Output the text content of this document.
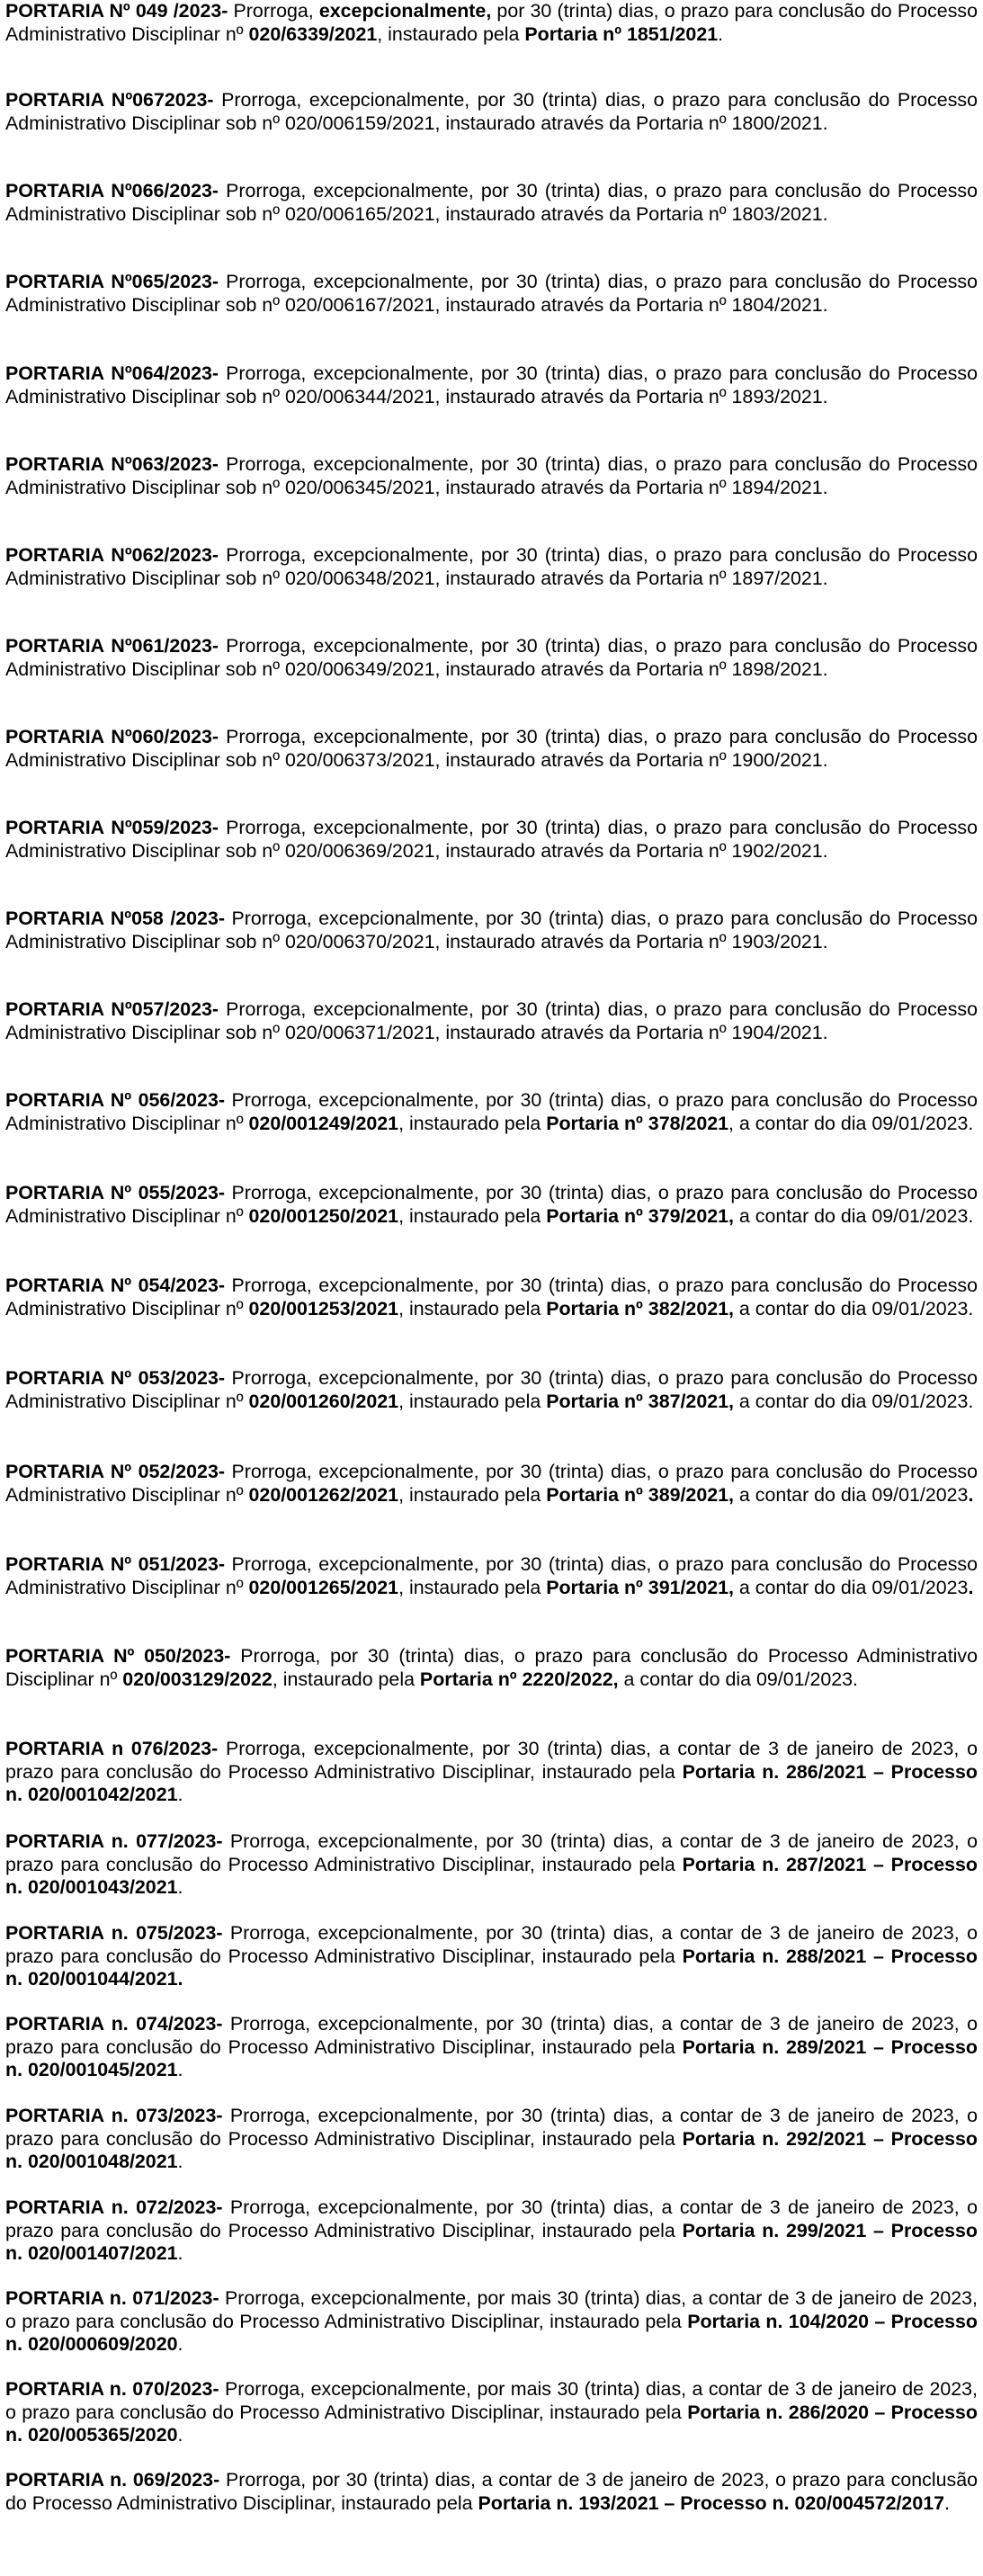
PORTARIA Nº 049 /2023- Prorroga, excepcionalmente, por 30 (trinta) dias, o prazo para conclusão do Processo Administrativo Disciplinar nº 020/6339/2021, instaurado pela Portaria nº 1851/2021.

PORTARIA Nº0672023- Prorroga, excepcionalmente, por 30 (trinta) dias, o prazo para conclusão do Processo Administrativo Disciplinar sob nº 020/006159/2021, instaurado através da Portaria nº 1800/2021.

PORTARIA Nº066/2023- Prorroga, excepcionalmente, por 30 (trinta) dias, o prazo para conclusão do Processo Administrativo Disciplinar sob nº 020/006165/2021, instaurado através da Portaria nº 1803/2021.

PORTARIA Nº065/2023- Prorroga, excepcionalmente, por 30 (trinta) dias, o prazo para conclusão do Processo Administrativo Disciplinar sob nº 020/006167/2021, instaurado através da Portaria nº 1804/2021.

PORTARIA Nº064/2023- Prorroga, excepcionalmente, por 30 (trinta) dias, o prazo para conclusão do Processo Administrativo Disciplinar sob nº 020/006344/2021, instaurado através da Portaria nº 1893/2021.

PORTARIA Nº063/2023- Prorroga, excepcionalmente, por 30 (trinta) dias, o prazo para conclusão do Processo Administrativo Disciplinar sob nº 020/006345/2021, instaurado através da Portaria nº 1894/2021.

PORTARIA Nº062/2023- Prorroga, excepcionalmente, por 30 (trinta) dias, o prazo para conclusão do Processo Administrativo Disciplinar sob nº 020/006348/2021, instaurado através da Portaria nº 1897/2021.

PORTARIA Nº061/2023- Prorroga, excepcionalmente, por 30 (trinta) dias, o prazo para conclusão do Processo Administrativo Disciplinar sob nº 020/006349/2021, instaurado através da Portaria nº 1898/2021.

PORTARIA Nº060/2023- Prorroga, excepcionalmente, por 30 (trinta) dias, o prazo para conclusão do Processo Administrativo Disciplinar sob nº 020/006373/2021, instaurado através da Portaria nº 1900/2021.

PORTARIA Nº059/2023- Prorroga, excepcionalmente, por 30 (trinta) dias, o prazo para conclusão do Processo Administrativo Disciplinar sob nº 020/006369/2021, instaurado através da Portaria nº 1902/2021.

PORTARIA Nº058 /2023- Prorroga, excepcionalmente, por 30 (trinta) dias, o prazo para conclusão do Processo Administrativo Disciplinar sob nº 020/006370/2021, instaurado através da Portaria nº 1903/2021.

PORTARIA Nº057/2023- Prorroga, excepcionalmente, por 30 (trinta) dias, o prazo para conclusão do Processo Administrativo Disciplinar sob nº 020/006371/2021, instaurado através da Portaria nº 1904/2021.

PORTARIA Nº 056/2023- Prorroga, excepcionalmente, por 30 (trinta) dias, o prazo para conclusão do Processo Administrativo Disciplinar nº 020/001249/2021, instaurado pela Portaria nº 378/2021, a contar do dia 09/01/2023.

PORTARIA Nº 055/2023- Prorroga, excepcionalmente, por 30 (trinta) dias, o prazo para conclusão do Processo Administrativo Disciplinar nº 020/001250/2021, instaurado pela Portaria nº 379/2021, a contar do dia 09/01/2023.

PORTARIA Nº 054/2023- Prorroga, excepcionalmente, por 30 (trinta) dias, o prazo para conclusão do Processo Administrativo Disciplinar nº 020/001253/2021, instaurado pela Portaria nº 382/2021, a contar do dia 09/01/2023.

PORTARIA Nº 053/2023- Prorroga, excepcionalmente, por 30 (trinta) dias, o prazo para conclusão do Processo Administrativo Disciplinar nº 020/001260/2021, instaurado pela Portaria nº 387/2021, a contar do dia 09/01/2023.

PORTARIA Nº 052/2023- Prorroga, excepcionalmente, por 30 (trinta) dias, o prazo para conclusão do Processo Administrativo Disciplinar nº 020/001262/2021, instaurado pela Portaria nº 389/2021, a contar do dia 09/01/2023.

PORTARIA Nº 051/2023- Prorroga, excepcionalmente, por 30 (trinta) dias, o prazo para conclusão do Processo Administrativo Disciplinar nº 020/001265/2021, instaurado pela Portaria nº 391/2021, a contar do dia 09/01/2023.

PORTARIA Nº 050/2023- Prorroga, por 30 (trinta) dias, o prazo para conclusão do Processo Administrativo Disciplinar nº 020/003129/2022, instaurado pela Portaria nº 2220/2022, a contar do dia 09/01/2023.

PORTARIA n 076/2023- Prorroga, excepcionalmente, por 30 (trinta) dias, a contar de 3 de janeiro de 2023, o prazo para conclusão do Processo Administrativo Disciplinar, instaurado pela Portaria n. 286/2021 – Processo n. 020/001042/2021.

PORTARIA n. 077/2023- Prorroga, excepcionalmente, por 30 (trinta) dias, a contar de 3 de janeiro de 2023, o prazo para conclusão do Processo Administrativo Disciplinar, instaurado pela Portaria n. 287/2021 – Processo n. 020/001043/2021.

PORTARIA n. 075/2023- Prorroga, excepcionalmente, por 30 (trinta) dias, a contar de 3 de janeiro de 2023, o prazo para conclusão do Processo Administrativo Disciplinar, instaurado pela Portaria n. 288/2021 – Processo n. 020/001044/2021.

PORTARIA n. 074/2023- Prorroga, excepcionalmente, por 30 (trinta) dias, a contar de 3 de janeiro de 2023, o prazo para conclusão do Processo Administrativo Disciplinar, instaurado pela Portaria n. 289/2021 – Processo n. 020/001045/2021.

PORTARIA n. 073/2023- Prorroga, excepcionalmente, por 30 (trinta) dias, a contar de 3 de janeiro de 2023, o prazo para conclusão do Processo Administrativo Disciplinar, instaurado pela Portaria n. 292/2021 – Processo n. 020/001048/2021.

PORTARIA n. 072/2023- Prorroga, excepcionalmente, por 30 (trinta) dias, a contar de 3 de janeiro de 2023, o prazo para conclusão do Processo Administrativo Disciplinar, instaurado pela Portaria n. 299/2021 – Processo n. 020/001407/2021.

PORTARIA n. 071/2023- Prorroga, excepcionalmente, por mais 30 (trinta) dias, a contar de 3 de janeiro de 2023, o prazo para conclusão do Processo Administrativo Disciplinar, instaurado pela Portaria n. 104/2020 – Processo n. 020/000609/2020.

PORTARIA n. 070/2023- Prorroga, excepcionalmente, por mais 30 (trinta) dias, a contar de 3 de janeiro de 2023, o prazo para conclusão do Processo Administrativo Disciplinar, instaurado pela Portaria n. 286/2020 – Processo n. 020/005365/2020.

PORTARIA n. 069/2023- Prorroga, por 30 (trinta) dias, a contar de 3 de janeiro de 2023, o prazo para conclusão do Processo Administrativo Disciplinar, instaurado pela Portaria n. 193/2021 – Processo n. 020/004572/2017.
